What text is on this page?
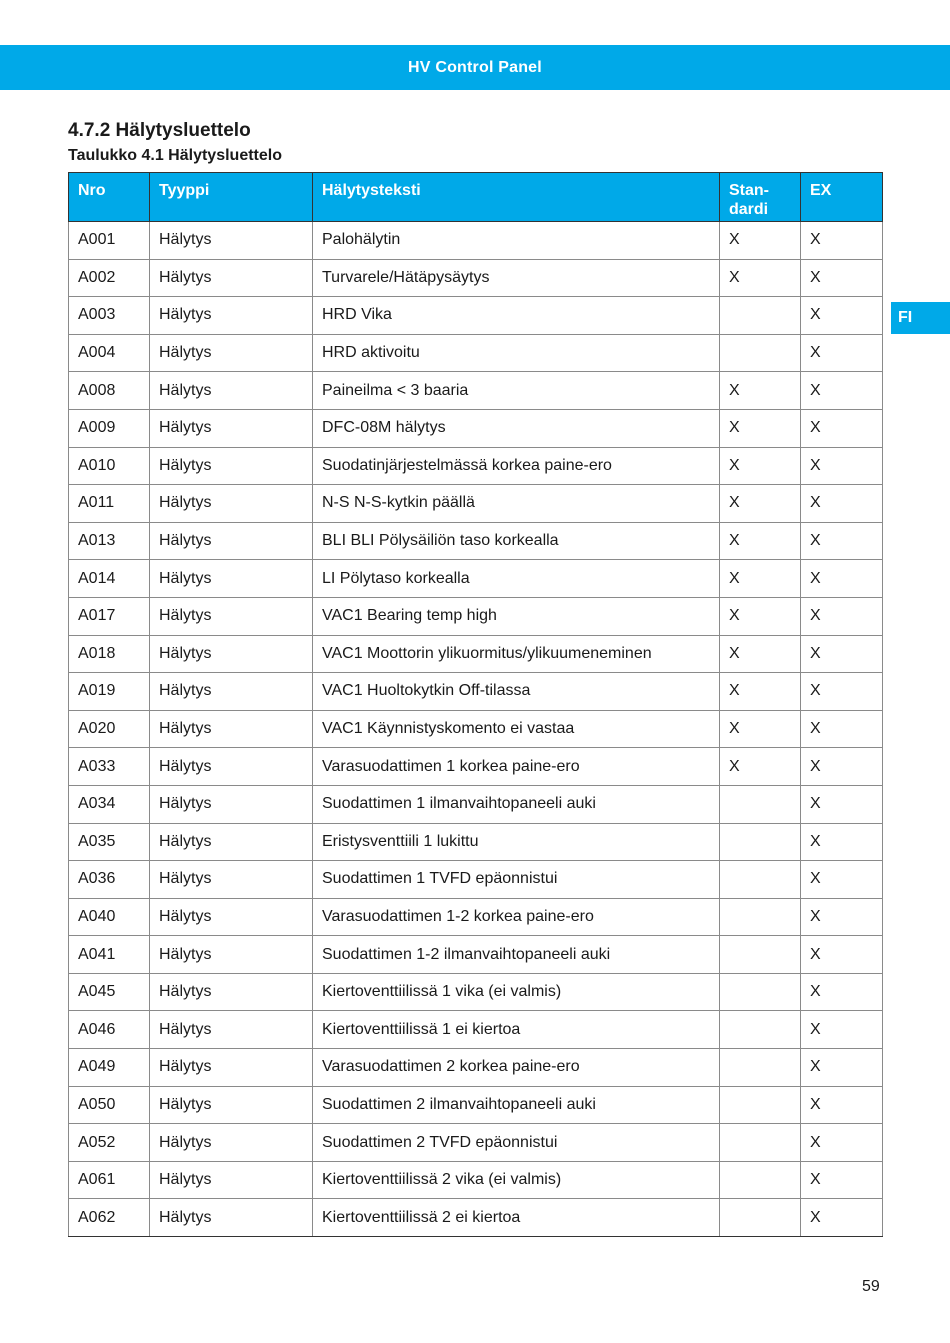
HV Control Panel
4.7.2 Hälytysluettelo
Taulukko 4.1 Hälytysluettelo
FI
Nro	Tyyppi	Hälytysteksti	Stan-
dardi	EX
A001	Hälytys	Palohälytin	X	X
A002	Hälytys	Turvarele/Hätäpysäytys	X	X
A003	Hälytys	HRD Vika		X
A004	Hälytys	HRD aktivoitu		X
A008	Hälytys	Paineilma < 3 baaria	X	X
A009	Hälytys	DFC-08M hälytys	X	X
A010	Hälytys	Suodatinjärjestelmässä korkea paine-ero	X	X
A011	Hälytys	N-S N-S-kytkin päällä	X	X
A013	Hälytys	BLI BLI Pölysäiliön taso korkealla	X	X
A014	Hälytys	LI Pölytaso korkealla	X	X
A017	Hälytys	VAC1 Bearing temp high	X	X
A018	Hälytys	VAC1 Moottorin ylikuormitus/ylikuumeneminen	X	X
A019	Hälytys	VAC1 Huoltokytkin Off-tilassa	X	X
A020	Hälytys	VAC1 Käynnistyskomento ei vastaa	X	X
A033	Hälytys	Varasuodattimen 1 korkea paine-ero	X	X
A034	Hälytys	Suodattimen 1 ilmanvaihtopaneeli auki		X
A035	Hälytys	Eristysventtiili 1 lukittu		X
A036	Hälytys	Suodattimen 1 TVFD epäonnistui		X
A040	Hälytys	Varasuodattimen 1-2 korkea paine-ero		X
A041	Hälytys	Suodattimen 1-2 ilmanvaihtopaneeli auki		X
A045	Hälytys	Kiertoventtiilissä 1 vika (ei valmis)		X
A046	Hälytys	Kiertoventtiilissä 1 ei kiertoa		X
A049	Hälytys	Varasuodattimen 2 korkea paine-ero		X
A050	Hälytys	Suodattimen 2 ilmanvaihtopaneeli auki		X
A052	Hälytys	Suodattimen 2 TVFD epäonnistui		X
A061	Hälytys	Kiertoventtiilissä 2 vika (ei valmis)		X
A062	Hälytys	Kiertoventtiilissä 2 ei kiertoa		X
59
